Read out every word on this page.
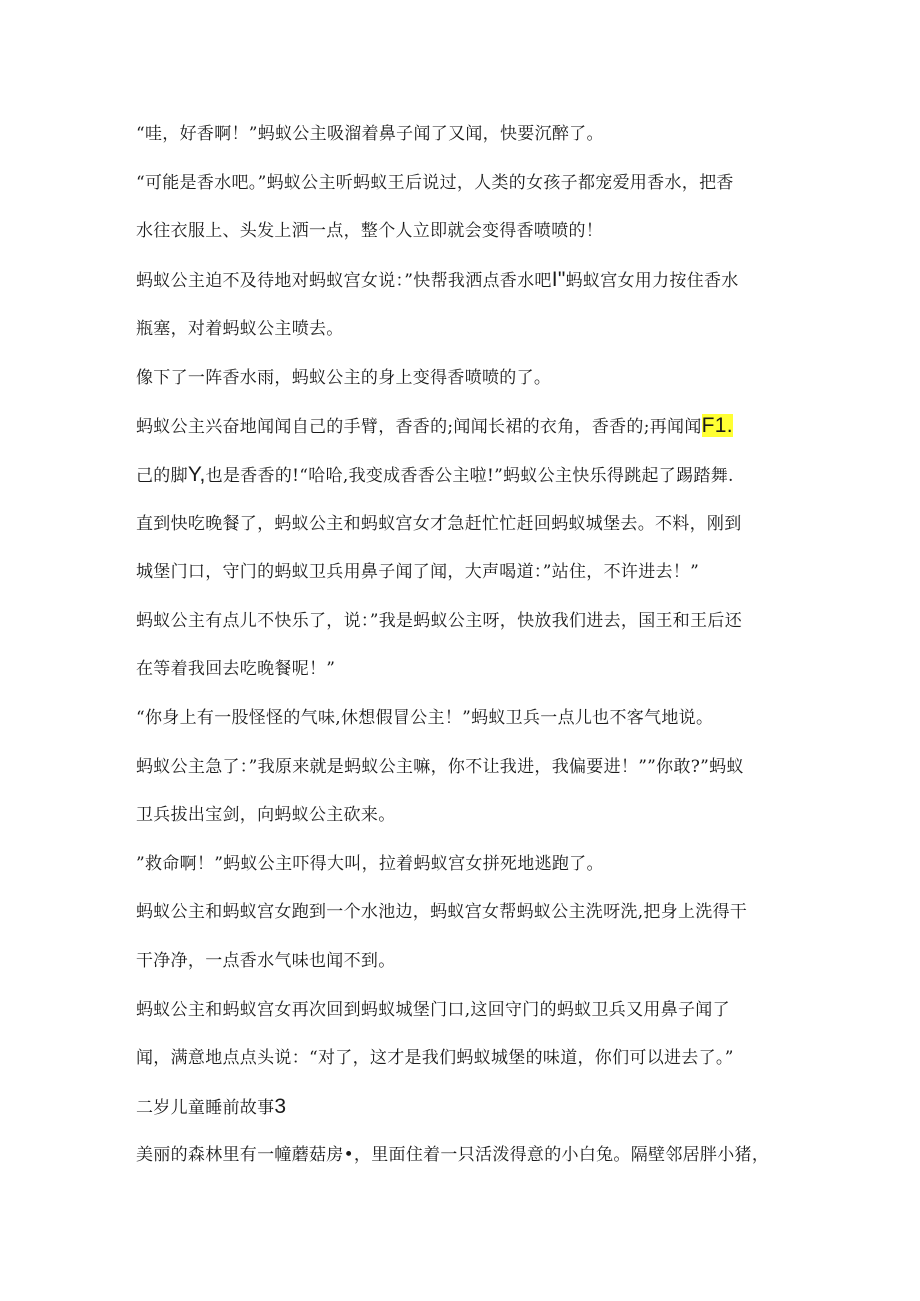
“哇，好香啊！”蚂蚁公主吸溜着鼻子闻了又闻，快要沉醉了。
“可能是香水吧。”蚂蚁公主听蚂蚁王后说过，人类的女孩子都宠爱用香水，把香
水往衣服上、头发上洒一点，整个人立即就会变得香喷喷的！
蚂蚁公主迫不及待地对蚂蚁宫女说：”快帮我洒点香水吧I"蚂蚁宫女用力按住香水
瓶塞，对着蚂蚁公主喷去。
像下了一阵香水雨，蚂蚁公主的身上变得香喷喷的了。
蚂蚁公主兴奋地闻闻自己的手臂，香香的;闻闻长裙的衣角，香香的;再闻闻F1.
己的脚Y,也是香香的!“哈哈,我变成香香公主啦!”蚂蚁公主快乐得跳起了踢踏舞.
直到快吃晚餐了，蚂蚁公主和蚂蚁宫女才急赶忙忙赶回蚂蚁城堡去。不料，刚到
城堡门口，守门的蚂蚁卫兵用鼻子闻了闻，大声喝道：”站住，不许进去！”
蚂蚁公主有点儿不快乐了，说：”我是蚂蚁公主呀，快放我们进去，国王和王后还
在等着我回去吃晚餐呢！”
“你身上有一股怪怪的气味,休想假冒公主！”蚂蚁卫兵一点儿也不客气地说。
蚂蚁公主急了：”我原来就是蚂蚁公主嘛，你不让我进，我偏要进！””你敢?”蚂蚁
卫兵拔出宝剑，向蚂蚁公主砍来。
”救命啊！”蚂蚁公主吓得大叫，拉着蚂蚁宫女拼死地逃跑了。
蚂蚁公主和蚂蚁宫女跑到一个水池边，蚂蚁宫女帮蚂蚁公主洗呀洗,把身上洗得干
干净净，一点香水气味也闻不到。
蚂蚁公主和蚂蚁宫女再次回到蚂蚁城堡门口,这回守门的蚂蚁卫兵又用鼻子闻了
闻，满意地点点头说：“对了，这才是我们蚂蚁城堡的味道，你们可以进去了。”
二岁儿童睡前故事3
美丽的森林里有一幢蘑菇房•，里面住着一只活泼得意的小白兔。隔壁邻居胖小猪，
